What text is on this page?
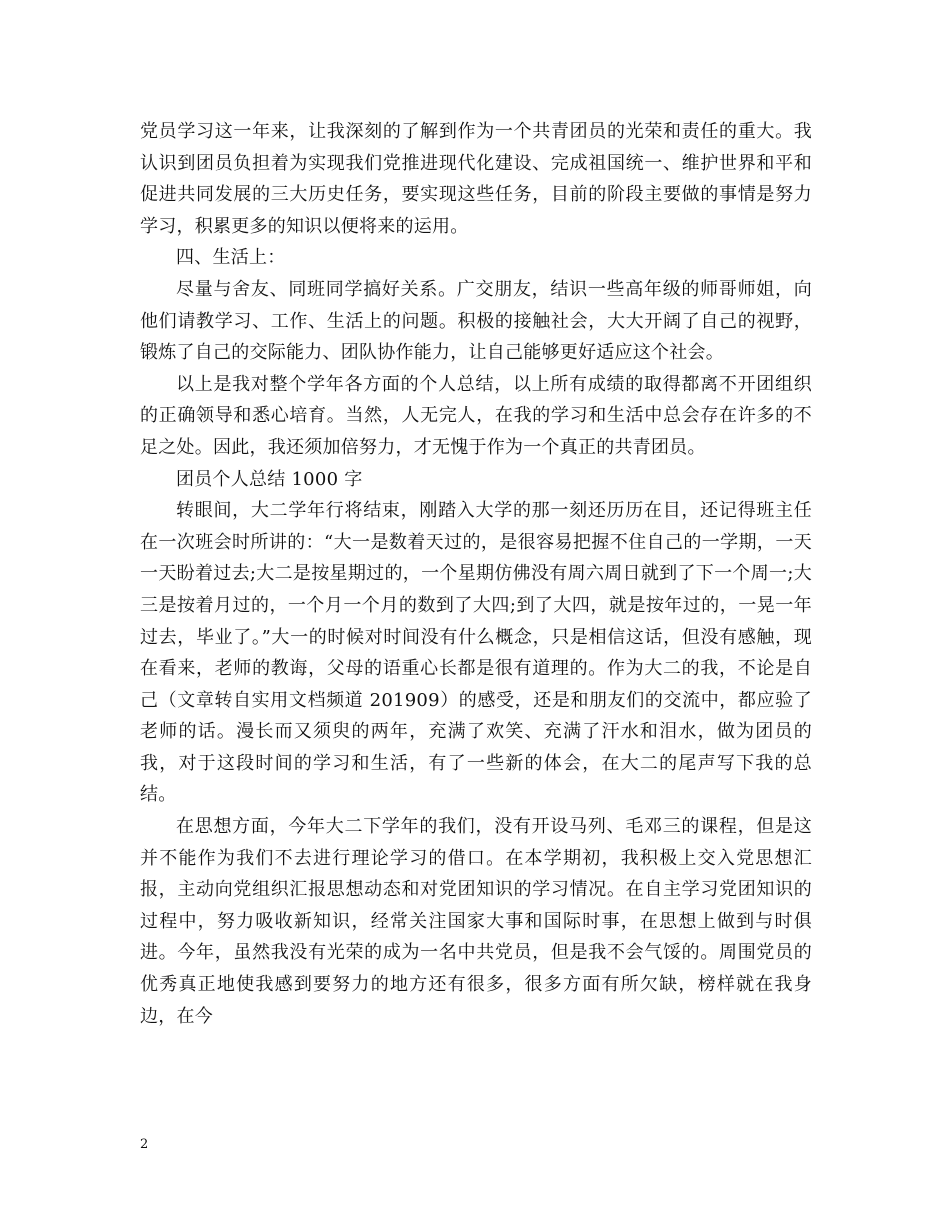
党员学习这一年来，让我深刻的了解到作为一个共青团员的光荣和责任的重大。我认识到团员负担着为实现我们党推进现代化建设、完成祖国统一、维护世界和平和促进共同发展的三大历史任务，要实现这些任务，目前的阶段主要做的事情是努力学习，积累更多的知识以便将来的运用。

四、生活上：

尽量与舍友、同班同学搞好关系。广交朋友，结识一些高年级的师哥师姐，向他们请教学习、工作、生活上的问题。积极的接触社会，大大开阔了自己的视野，锻炼了自己的交际能力、团队协作能力，让自己能够更好适应这个社会。

以上是我对整个学年各方面的个人总结，以上所有成绩的取得都离不开团组织的正确领导和悉心培育。当然，人无完人，在我的学习和生活中总会存在许多的不足之处。因此，我还须加倍努力，才无愧于作为一个真正的共青团员。

团员个人总结 1000 字

转眼间，大二学年行将结束，刚踏入大学的那一刻还历历在目，还记得班主任在一次班会时所讲的：“大一是数着天过的，是很容易把握不住自己的一学期，一天一天盼着过去;大二是按星期过的，一个星期仿佛没有周六周日就到了下一个周一;大三是按着月过的，一个月一个月的数到了大四;到了大四，就是按年过的，一晃一年过去，毕业了。”大一的时候对时间没有什么概念，只是相信这话，但没有感触，现在看来，老师的教诲，父母的语重心长都是很有道理的。作为大二的我，不论是自己（文章转自实用文档频道 201909）的感受，还是和朋友们的交流中，都应验了老师的话。漫长而又须臾的两年，充满了欢笑、充满了汗水和泪水，做为团员的我，对于这段时间的学习和生活，有了一些新的体会，在大二的尾声写下我的总结。

在思想方面，今年大二下学年的我们，没有开设马列、毛邓三的课程，但是这并不能作为我们不去进行理论学习的借口。在本学期初，我积极上交入党思想汇报，主动向党组织汇报思想动态和对党团知识的学习情况。在自主学习党团知识的过程中，努力吸收新知识，经常关注国家大事和国际时事，在思想上做到与时俱进。今年，虽然我没有光荣的成为一名中共党员，但是我不会气馁的。周围党员的优秀真正地使我感到要努力的地方还有很多，很多方面有所欠缺，榜样就在我身边，在今

2
